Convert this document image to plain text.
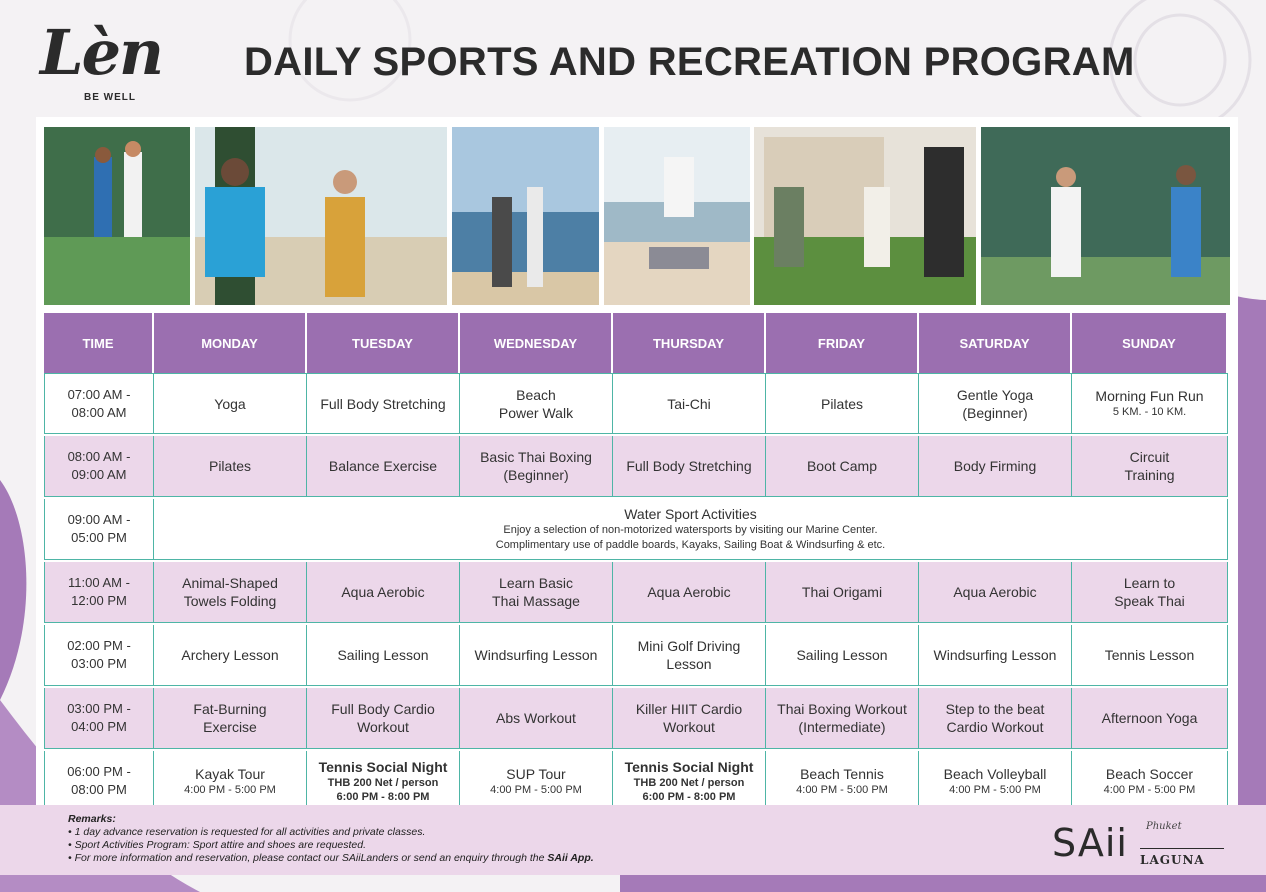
Lèn
BE WELL
DAILY SPORTS AND RECREATION PROGRAM
TIME	MONDAY	TUESDAY	WEDNESDAY	THURSDAY	FRIDAY	SATURDAY	SUNDAY

07:00 AM -
08:00 AM	Yoga	Full Body Stretching	Beach
Power Walk	Tai-Chi	Pilates	Gentle Yoga
(Beginner)	Morning Fun Run
5 KM. - 10 KM.

08:00 AM -
09:00 AM	Pilates	Balance Exercise	Basic Thai Boxing
(Beginner)	Full Body Stretching	Boot Camp	Body Firming	Circuit
Training

09:00 AM -
05:00 PM	Water Sport Activities
Enjoy a selection of non-motorized watersports by visiting our Marine Center.
Complimentary use of paddle boards, Kayaks, Sailing Boat & Windsurfing & etc.						

11:00 AM -
12:00 PM	Animal-Shaped
Towels Folding	Aqua Aerobic	Learn Basic
Thai Massage	Aqua Aerobic	Thai Origami	Aqua Aerobic	Learn to
Speak Thai

02:00 PM -
03:00 PM	Archery Lesson	Sailing Lesson	Windsurfing Lesson	Mini Golf Driving
Lesson	Sailing Lesson	Windsurfing Lesson	Tennis Lesson

03:00 PM -
04:00 PM	Fat-Burning
Exercise	Full Body Cardio
Workout	Abs Workout	Killer HIIT Cardio
Workout	Thai Boxing Workout
(Intermediate)	Step to the beat
Cardio Workout	Afternoon Yoga

06:00 PM -
08:00 PM	Kayak Tour
4:00 PM - 5:00 PM	Tennis Social Night
THB 200 Net / person
6:00 PM - 8:00 PM	SUP Tour
4:00 PM - 5:00 PM	Tennis Social Night
THB 200 Net / person
6:00 PM - 8:00 PM	Beach Tennis
4:00 PM - 5:00 PM	Beach Volleyball
4:00 PM - 5:00 PM	Beach Soccer
4:00 PM - 5:00 PM
Remarks:
• 1 day advance reservation is requested for all activities and private classes.
• Sport Activities Program: Sport attire and shoes are requested.
• For more information and reservation, please contact our SAiiLanders or send an enquiry through the SAii App.	SAii Phuket
LAGUNA
